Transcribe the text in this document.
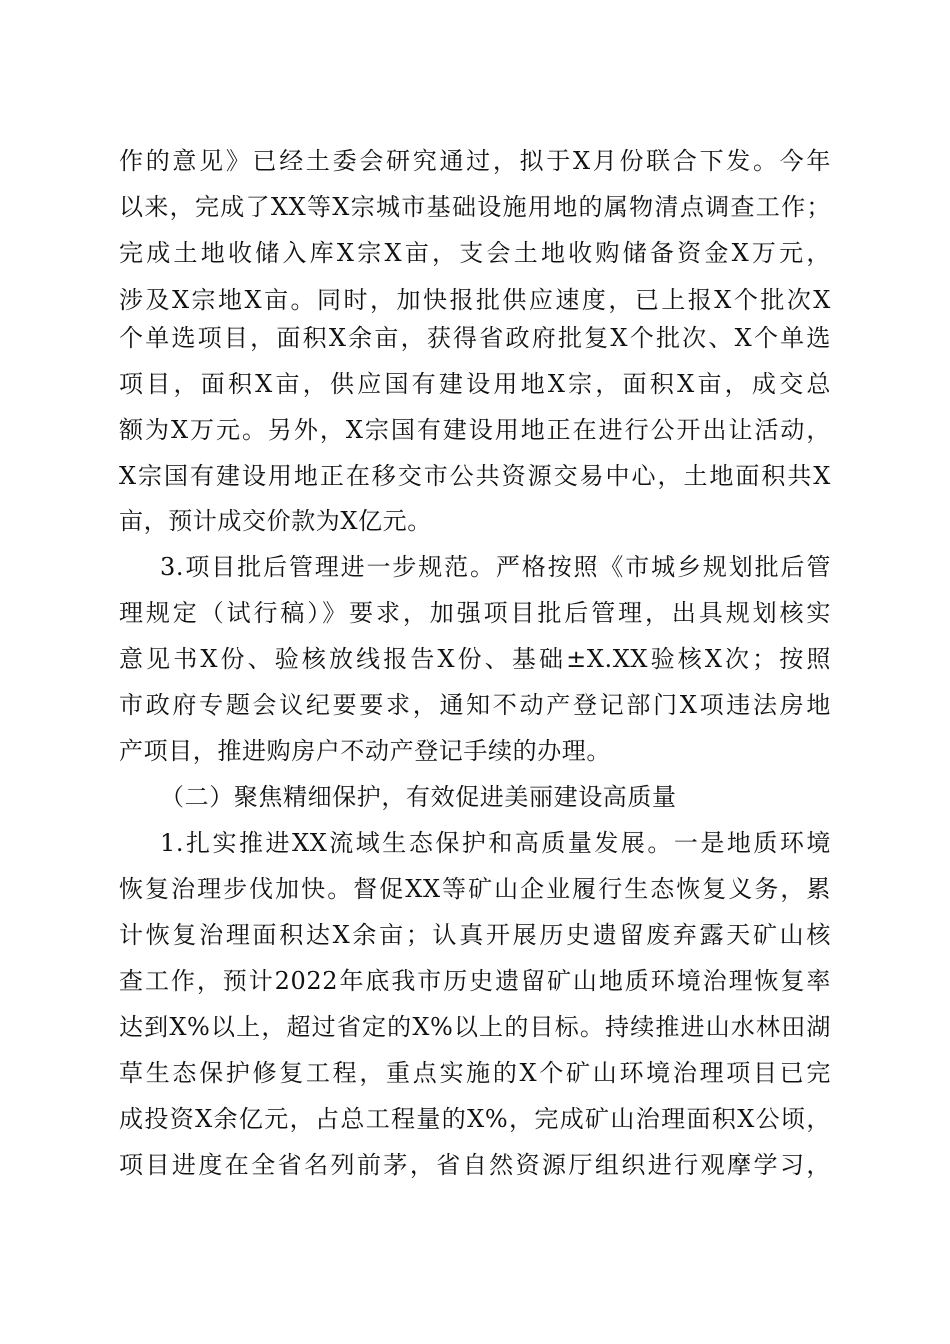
作的意见》已经土委会研究通过，拟于X月份联合下发。今年
以来，完成了XX等X宗城市基础设施用地的属物清点调查工作；
完成土地收储入库X宗X亩，支会土地收购储备资金X万元，
涉及X宗地X亩。同时，加快报批供应速度，已上报X个批次X
个单选项目，面积X余亩，获得省政府批复X个批次、X个单选
项目，面积X亩，供应国有建设用地X宗，面积X亩，成交总
额为X万元。另外，X宗国有建设用地正在进行公开出让活动，
X宗国有建设用地正在移交市公共资源交易中心，土地面积共X
亩，预计成交价款为X亿元。
3.项目批后管理进一步规范。严格按照《市城乡规划批后管
理规定（试行稿）》要求，加强项目批后管理，出具规划核实
意见书X份、验核放线报告X份、基础±X.XX验核X次；按照
市政府专题会议纪要要求，通知不动产登记部门X项违法房地
产项目，推进购房户不动产登记手续的办理。
（二）聚焦精细保护，有效促进美丽建设高质量
1.扎实推进XX流域生态保护和高质量发展。一是地质环境
恢复治理步伐加快。督促XX等矿山企业履行生态恢复义务，累
计恢复治理面积达X余亩；认真开展历史遗留废弃露天矿山核
查工作，预计2022年底我市历史遗留矿山地质环境治理恢复率
达到X%以上，超过省定的X%以上的目标。持续推进山水林田湖
草生态保护修复工程，重点实施的X个矿山环境治理项目已完
成投资X余亿元，占总工程量的X%，完成矿山治理面积X公顷，
项目进度在全省名列前茅，省自然资源厅组织进行观摩学习，
